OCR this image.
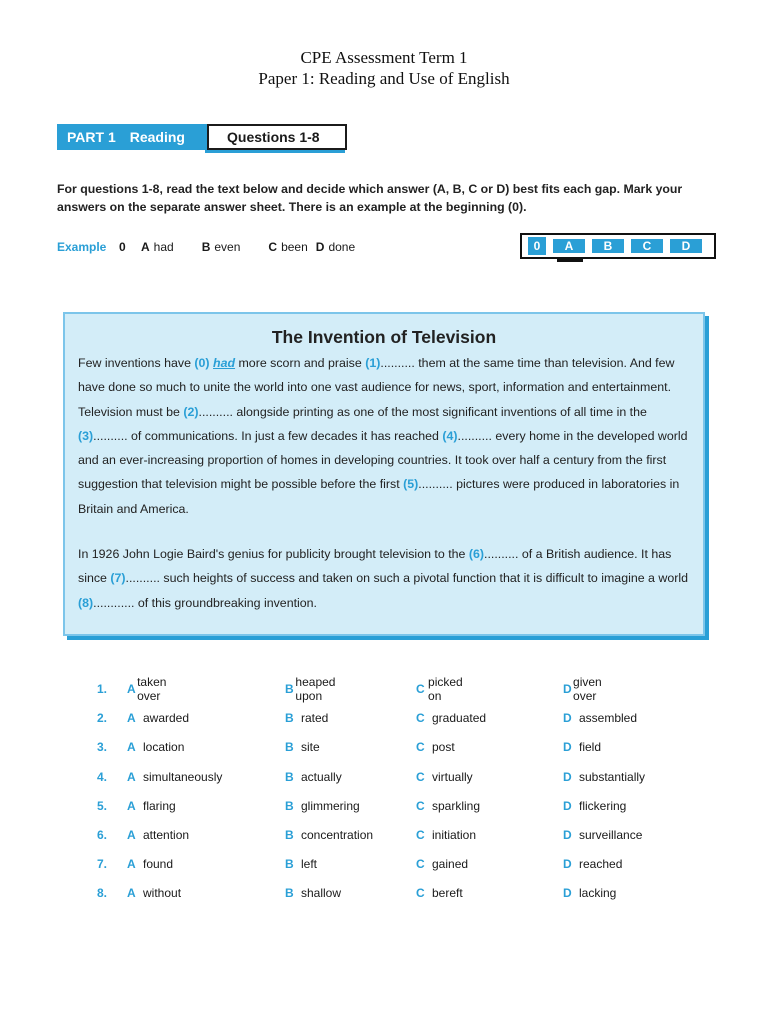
CPE Assessment Term 1
Paper 1: Reading and Use of English
PART 1 Reading	Questions 1-8
For questions 1-8, read the text below and decide which answer (A, B, C or D) best fits each gap. Mark your answers on the separate answer sheet. There is an example at the beginning (0).
Example	0	A had B even C been D done	0	A	B	C	D
The Invention of Television
Few inventions have (0) had more scorn and praise (1).......... them at the same time than television. And few have done so much to unite the world into one vast audience for news, sport, information and entertainment. Television must be (2).......... alongside printing as one of the most significant inventions of all time in the (3).......... of communications. In just a few decades it has reached (4).......... every home in the developed world and an ever-increasing proportion of homes in developing countries. It took over half a century from the first suggestion that television might be possible before the first (5).......... pictures were produced in laboratories in Britain and America.
In 1926 John Logie Baird's genius for publicity brought television to the (6).......... of a British audience. It has since (7).......... such heights of success and taken on such a pivotal function that it is difficult to imagine a world (8)............ of this groundbreaking invention.
1.	A taken over	B heaped upon	C picked on	D given over
2.	A awarded	B rated	C graduated	D assembled
3.	A location	B site	C post	D field
4.	A simultaneously	B actually	C virtually	D substantially
5.	A flaring	B glimmering	C sparkling	D flickering
6.	A attention	B concentration	C initiation	D surveillance
7.	A found	B left	C gained	D reached
8.	A without	B shallow	C bereft	D lacking
